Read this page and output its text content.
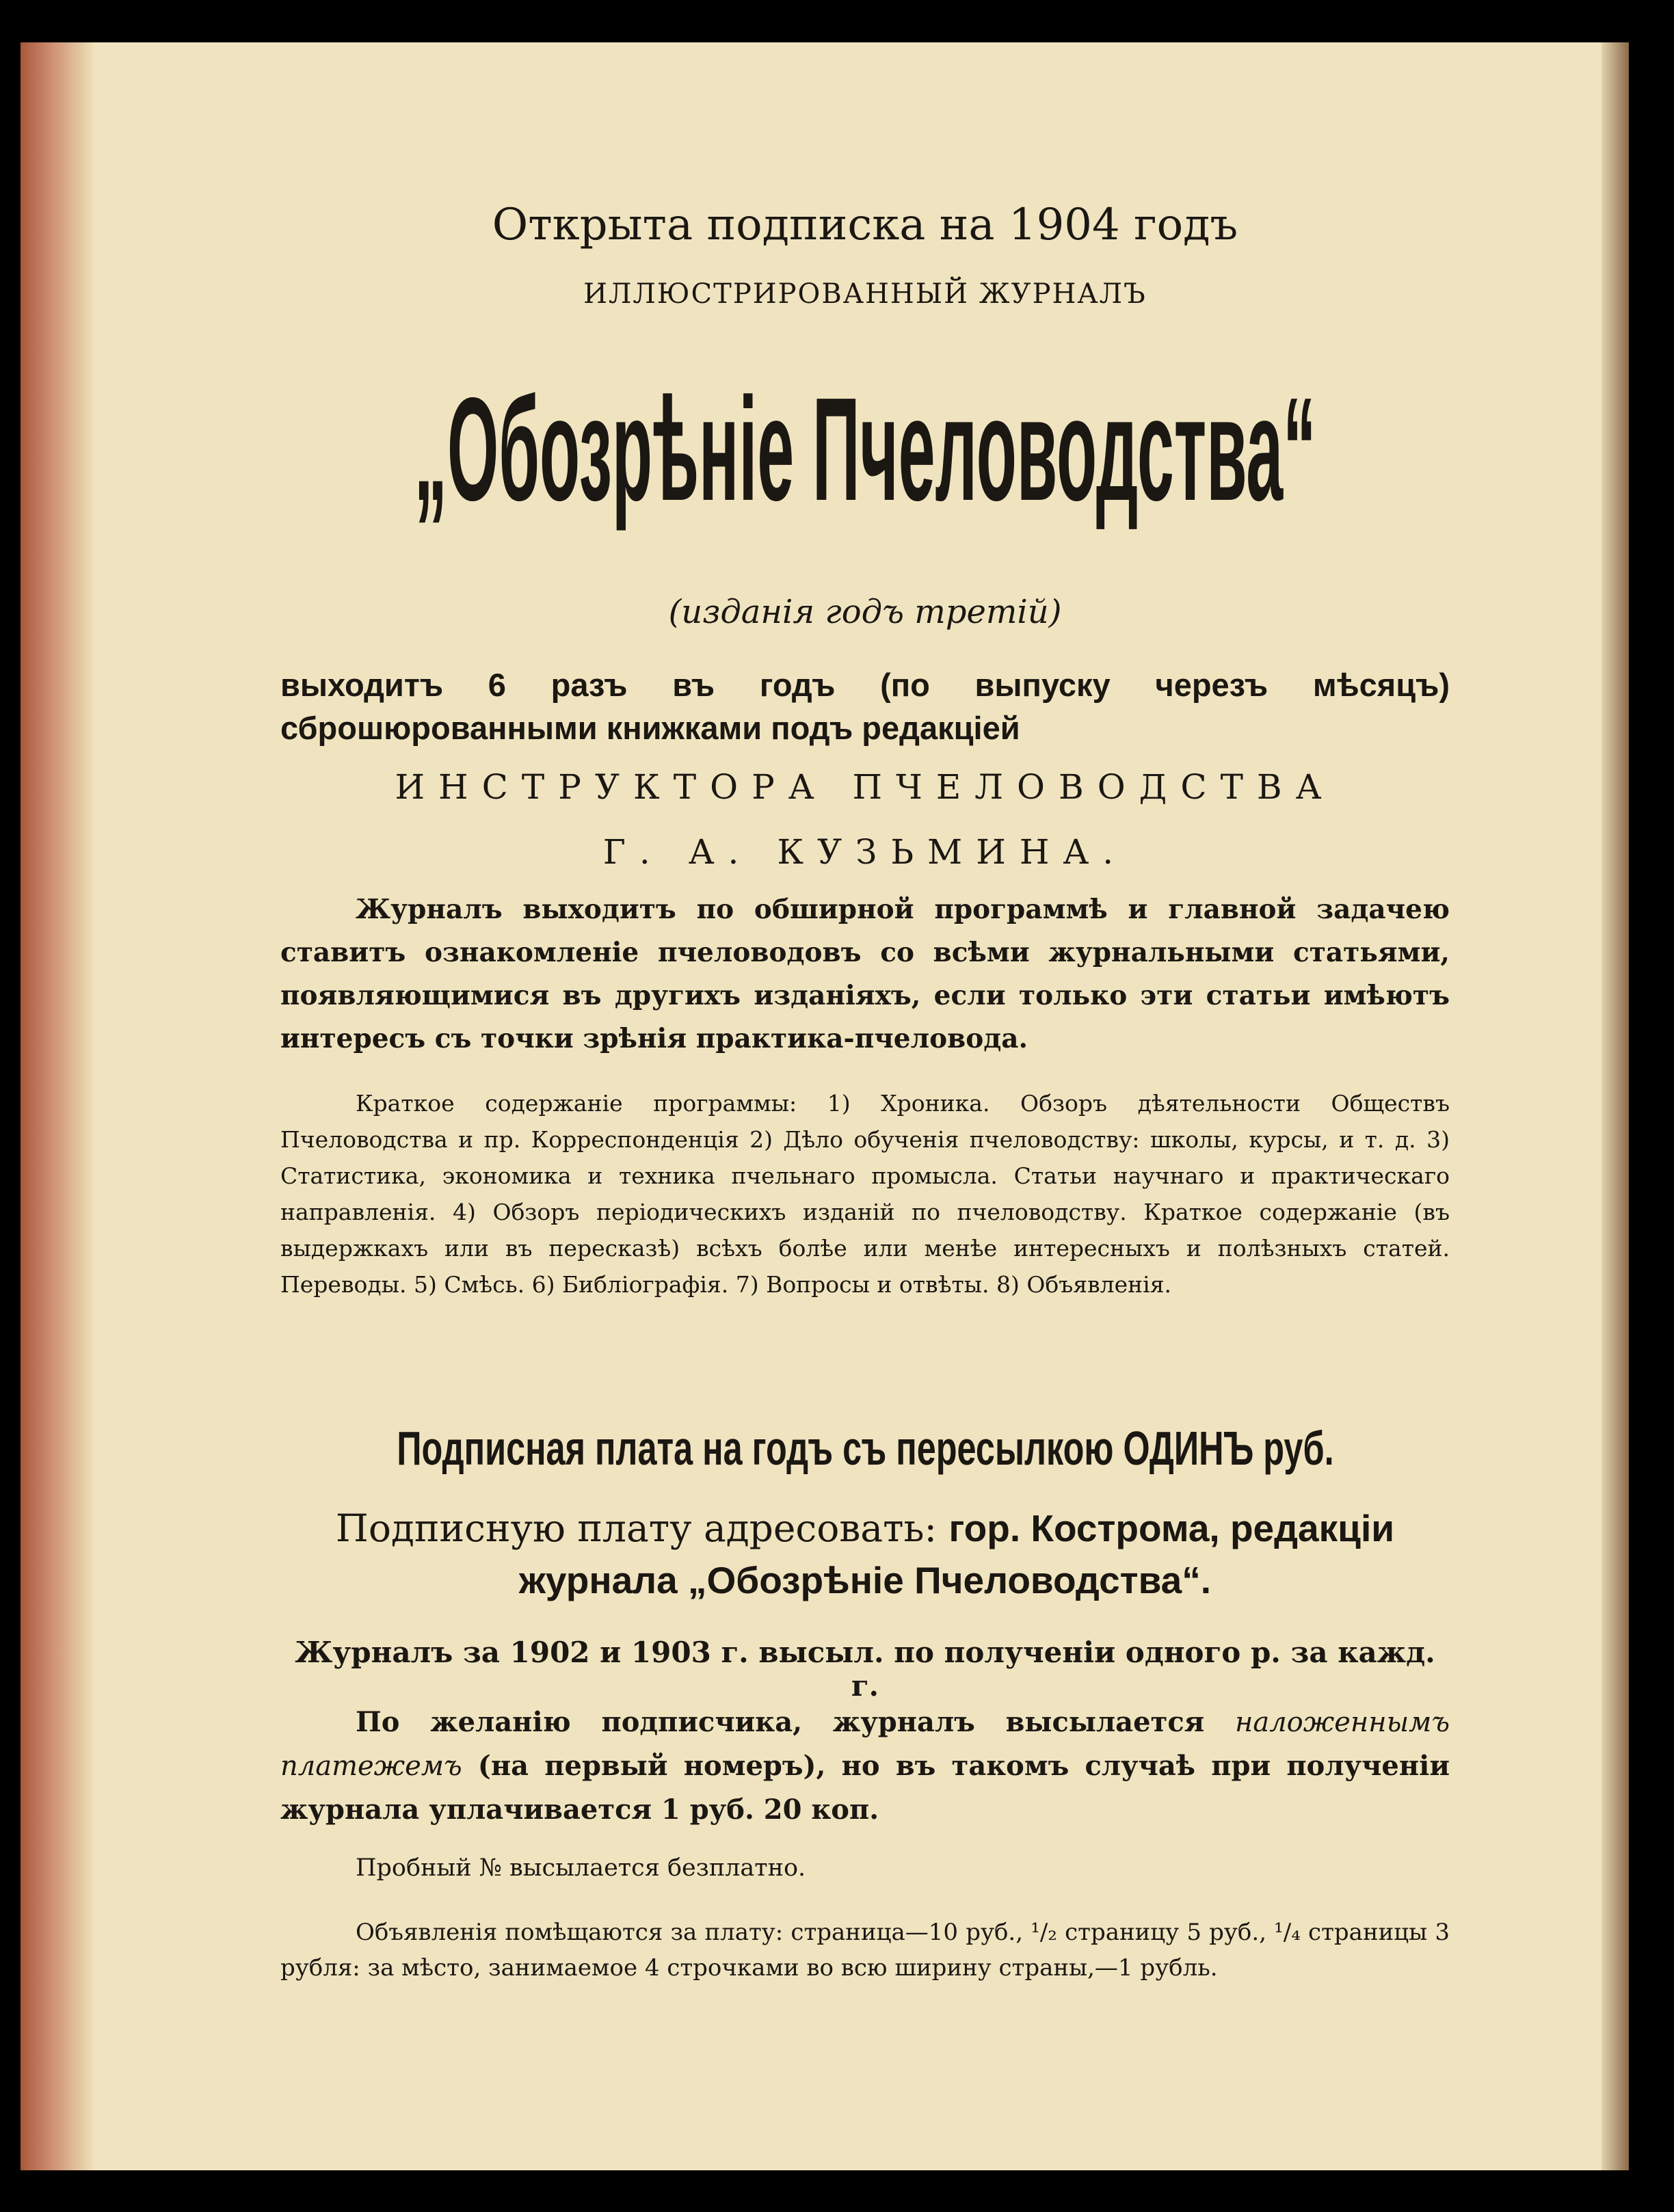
Открыта подписка на 1904 годъ

ИЛЛЮСТРИРОВАННЫЙ ЖУРНАЛЪ

„Обозрѣніе Пчеловодства“

(изданія годъ третій)

выходитъ 6 разъ въ годъ (по выпуску черезъ мѣсяцъ) сброшюрованными книжками подъ редакціей

ИНСТРУКТОРА ПЧЕЛОВОДСТВА

Г. А. КУЗЬМИНА.

Журналъ выходитъ по обширной программѣ и главной задачею ставитъ ознакомленіе пчеловодовъ со всѣми журнальными статьями, появляющимися въ другихъ изданіяхъ, если только эти статьи имѣютъ интересъ съ точки зрѣнія практика-пчеловода.

Краткое содержаніе программы: 1) Хроника. Обзоръ дѣятельности Обществъ Пчеловодства и пр. Корреспонденція 2) Дѣло обученія пчеловодству: школы, курсы, и т. д. 3) Статистика, экономика и техника пчельнаго промысла. Статьи научнаго и практическаго направленія. 4) Обзоръ періодическихъ изданій по пчеловодству. Краткое содержаніе (въ выдержкахъ или въ пересказѣ) всѣхъ болѣе или менѣе интересныхъ и полѣзныхъ статей. Переводы. 5) Смѣсь. 6) Библіографія. 7) Вопросы и отвѣты. 8) Объявленія.

Подписная плата на годъ съ пересылкою ОДИНЪ руб.

Подписную плату адресовать: гор. Кострома, редакціи журнала „Обозрѣніе Пчеловодства“.

Журналъ за 1902 и 1903 г. высыл. по полученіи одного р. за кажд. г.

По желанію подписчика, журналъ высылается наложеннымъ платежемъ (на первый номеръ), но въ такомъ случаѣ при полученіи журнала уплачивается 1 руб. 20 коп.

Пробный № высылается безплатно.

Объявленія помѣщаются за плату: страница—10 руб., ¹/₂ страницу 5 руб., ¹/₄ страницы 3 рубля: за мѣсто, занимаемое 4 строчками во всю ширину страны,—1 рубль.
